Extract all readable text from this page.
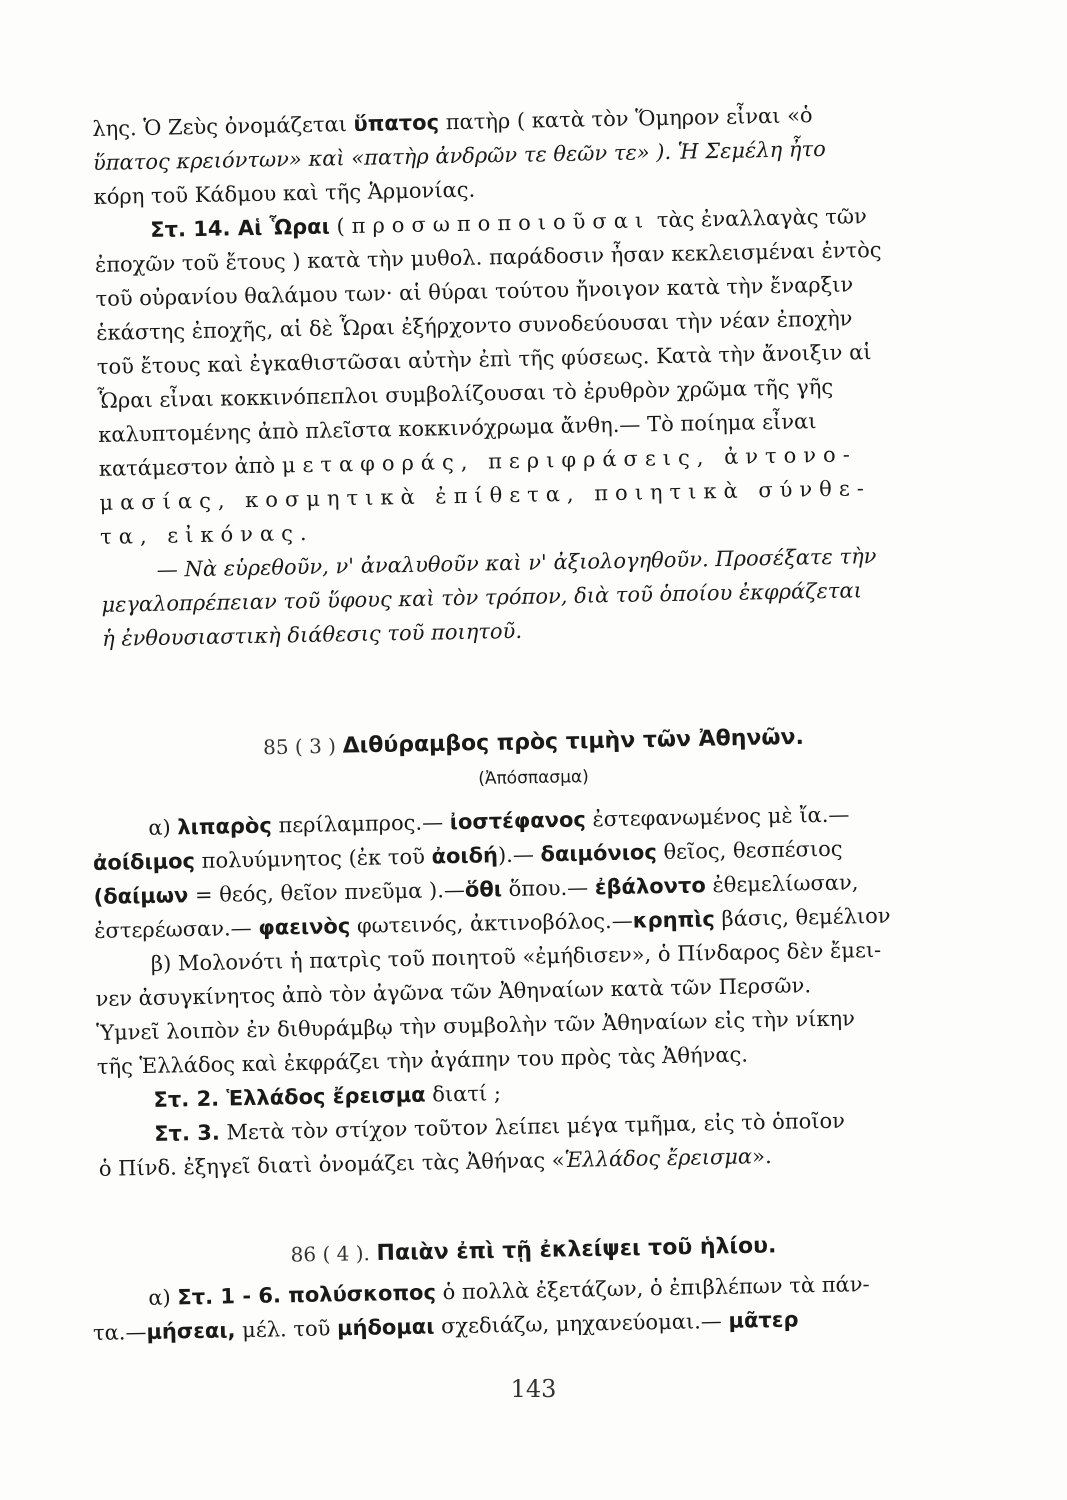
λης. Ὁ Ζεὺς ὀνομάζεται ὕπατος πατὴρ ( κατὰ τὸν Ὅμηρον εἶναι «ὁ

ὕπατος κρειόντων» καὶ «πατὴρ ἀνδρῶν τε θεῶν τε» ). Ἡ Σεμέλη ἦτο

κόρη τοῦ Κάδμου καὶ τῆς Ἁρμονίας.

Στ. 14. Αἱ Ὧραι (προσωποποιοῦσαι τὰς ἐναλλαγὰς τῶν

ἐποχῶν τοῦ ἔτους ) κατὰ τὴν μυθολ. παράδοσιν ἦσαν κεκλεισμέναι ἐντὸς

τοῦ οὐρανίου θαλάμου των· αἱ θύραι τούτου ἤνοιγον κατὰ τὴν ἔναρξιν

ἑκάστης ἐποχῆς, αἱ δὲ Ὧραι ἐξήρχοντο συνοδεύουσαι τὴν νέαν ἐποχὴν

τοῦ ἔτους καὶ ἐγκαθιστῶσαι αὐτὴν ἐπὶ τῆς φύσεως. Κατὰ τὴν ἄνοιξιν αἱ

Ὧραι εἶναι κοκκινόπεπλοι συμβολίζουσαι τὸ ἐρυθρὸν χρῶμα τῆς γῆς

καλυπτομένης ἀπὸ πλεῖστα κοκκινόχρωμα ἄνθη.— Τὸ ποίημα εἶναι

κατάμεστον ἀπὸ μεταφοράς, περιφράσεις, ἀντονο-

μασίας, κοσμητικὰ ἐπίθετα, ποιητικὰ σύνθε-

τα, εἰκόνας.

— Νὰ εὑρεθοῦν, ν' ἀναλυθοῦν καὶ ν' ἀξιολογηθοῦν. Προσέξατε τὴν

μεγαλοπρέπειαν τοῦ ὕφους καὶ τὸν τρόπον, διὰ τοῦ ὁποίου ἐκφράζεται

ἡ ἐνθουσιαστικὴ διάθεσις τοῦ ποιητοῦ.

85 ( 3 ) Διθύραμβος πρὸς τιμὴν τῶν Ἀθηνῶν.
(Ἀπόσπασμα)

α) λιπαρὸς περίλαμπρος.— ἰοστέφανος ἐστεφανωμένος μὲ ἴα.—

ἀοίδιμος πολυύμνητος (ἐκ τοῦ ἀοιδή).— δαιμόνιος θεῖος, θεσπέσιος

(δαίμων = θεός, θεῖον πνεῦμα ).—ὅθι ὅπου.— ἐβάλοντο ἐθεμελίωσαν,

ἐστερέωσαν.— φαεινὸς φωτεινός, ἀκτινοβόλος.—κρηπὶς βάσις, θεμέλιον

β) Μολονότι ἡ πατρὶς τοῦ ποιητοῦ «ἐμήδισεν», ὁ Πίνδαρος δὲν ἔμει-

νεν ἀσυγκίνητος ἀπὸ τὸν ἀγῶνα τῶν Ἀθηναίων κατὰ τῶν Περσῶν.

Ὑμνεῖ λοιπὸν ἐν διθυράμβῳ τὴν συμβολὴν τῶν Ἀθηναίων εἰς τὴν νίκην

τῆς Ἑλλάδος καὶ ἐκφράζει τὴν ἀγάπην του πρὸς τὰς Ἀθήνας.

Στ. 2. Ἑλλάδος ἔρεισμα διατί ;

Στ. 3. Μετὰ τὸν στίχον τοῦτον λείπει μέγα τμῆμα, εἰς τὸ ὁποῖον

ὁ Πίνδ. ἐξηγεῖ διατὶ ὀνομάζει τὰς Ἀθήνας «Ἑλλάδος ἔρεισμα».

86 ( 4 ). Παιὰν ἐπὶ τῇ ἐκλείψει τοῦ ἡλίου.

α) Στ. 1 - 6. πολύσκοπος ὁ πολλὰ ἐξετάζων, ὁ ἐπιβλέπων τὰ πάν-

τα.—μήσεαι, μέλ. τοῦ μήδομαι σχεδιάζω, μηχανεύομαι.— μᾶτερ

143
